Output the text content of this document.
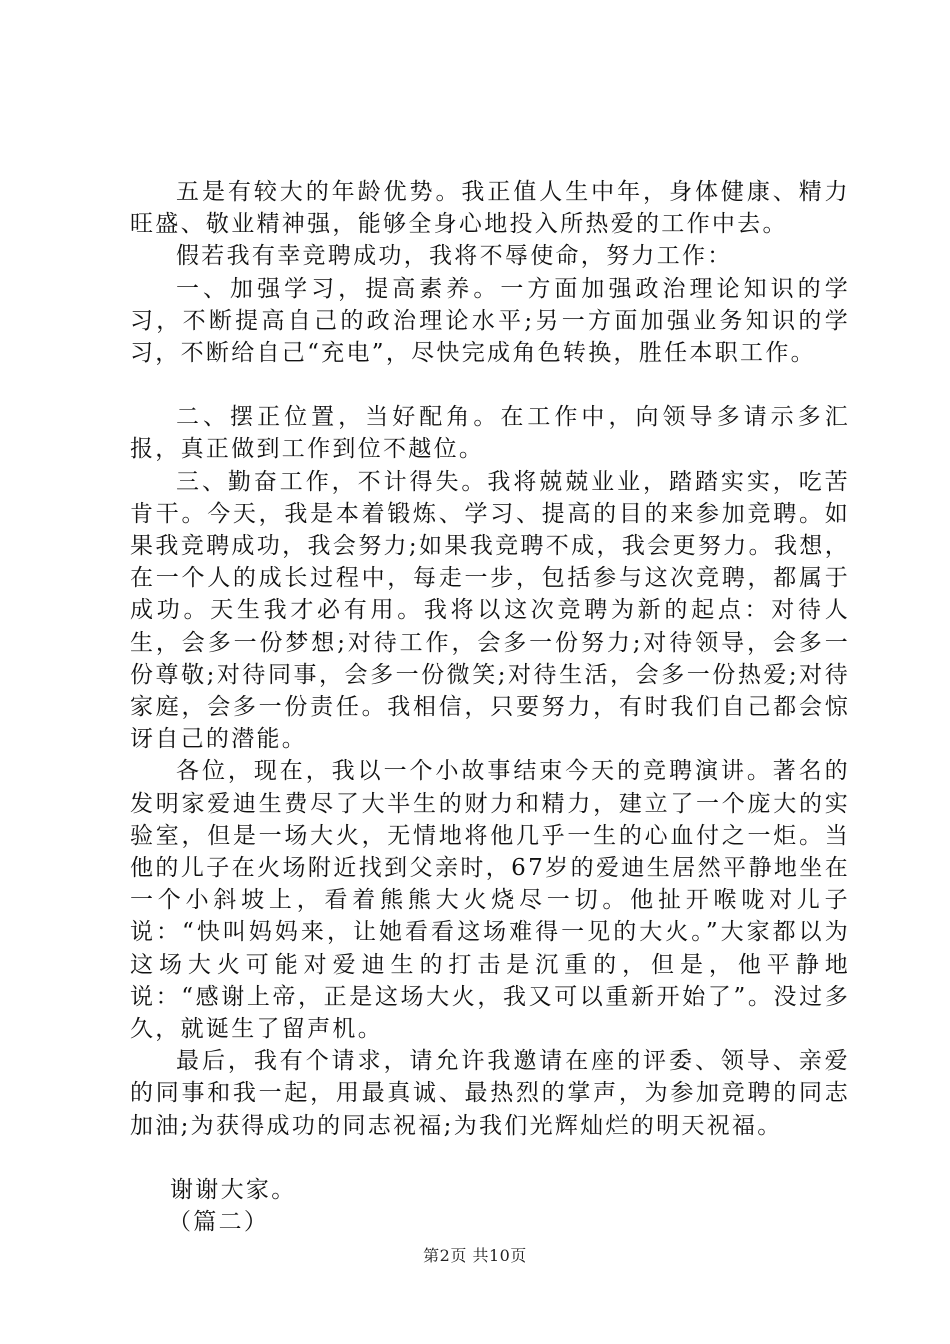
五是有较大的年龄优势。我正值人生中年，身体健康、精力旺盛、敬业精神强，能够全身心地投入所热爱的工作中去。

假若我有幸竞聘成功，我将不辱使命，努力工作：

一、加强学习，提高素养。一方面加强政治理论知识的学习，不断提高自己的政治理论水平;另一方面加强业务知识的学习，不断给自己“充电”，尽快完成角色转换，胜任本职工作。

二、摆正位置，当好配角。在工作中，向领导多请示多汇报，真正做到工作到位不越位。

三、勤奋工作，不计得失。我将兢兢业业，踏踏实实，吃苦肯干。今天，我是本着锻炼、学习、提高的目的来参加竞聘。如果我竞聘成功，我会努力;如果我竞聘不成，我会更努力。我想，在一个人的成长过程中，每走一步，包括参与这次竞聘，都属于成功。天生我才必有用。我将以这次竞聘为新的起点：对待人生，会多一份梦想;对待工作，会多一份努力;对待领导，会多一份尊敬;对待同事，会多一份微笑;对待生活，会多一份热爱;对待家庭，会多一份责任。我相信，只要努力，有时我们自己都会惊讶自己的潜能。

各位，现在，我以一个小故事结束今天的竞聘演讲。著名的发明家爱迪生费尽了大半生的财力和精力，建立了一个庞大的实验室，但是一场大火，无情地将他几乎一生的心血付之一炬。当他的儿子在火场附近找到父亲时，67岁的爱迪生居然平静地坐在一个小斜坡上，看着熊熊大火烧尽一切。他扯开喉咙对儿子说：“快叫妈妈来，让她看看这场难得一见的大火。”大家都以为这场大火可能对爱迪生的打击是沉重的，但是，他平静地说：“感谢上帝，正是这场大火，我又可以重新开始了”。没过多久，就诞生了留声机。

最后，我有个请求，请允许我邀请在座的评委、领导、亲爱的同事和我一起，用最真诚、最热烈的掌声，为参加竞聘的同志加油;为获得成功的同志祝福;为我们光辉灿烂的明天祝福。

谢谢大家。

（篇二）

第2页 共10页
